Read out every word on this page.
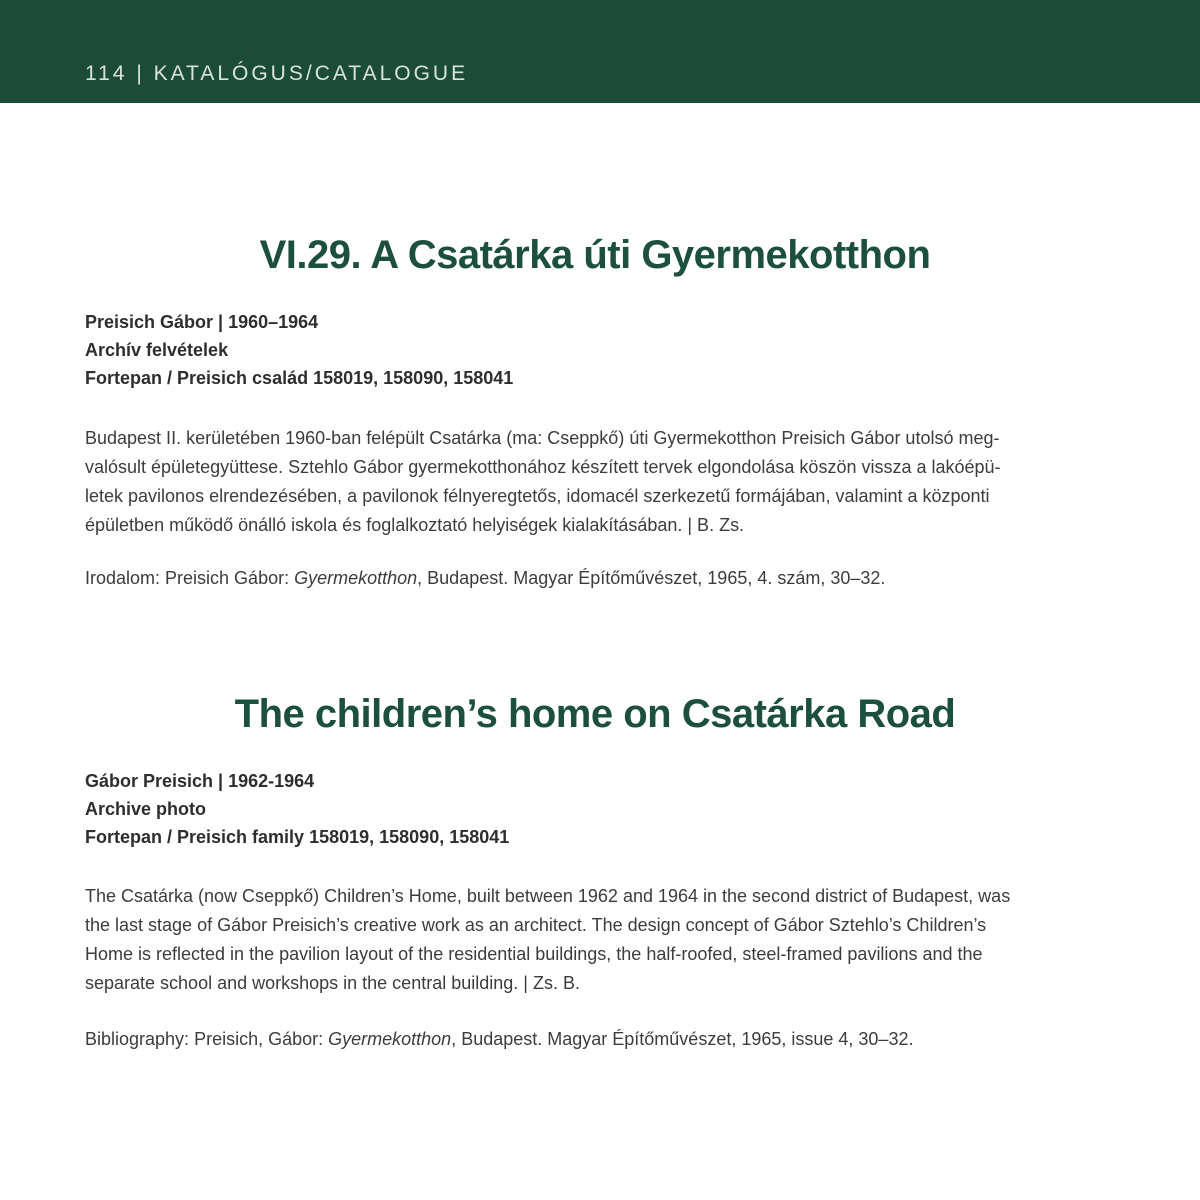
114 | KATALÓGUS/CATALOGUE
VI.29. A Csatárka úti Gyermekotthon
Preisich Gábor | 1960–1964
Archív felvételek
Fortepan / Preisich család 158019, 158090, 158041
Budapest II. kerületében 1960-ban felépült Csatárka (ma: Cseppkő) úti Gyermekotthon Preisich Gábor utolsó meg-
valósult épületegyüttese. Sztehlo Gábor gyermekotthonához készített tervek elgondolása köszön vissza a lakóépü-
letek pavilonos elrendezésében, a pavilonok félnyeregtetős, idomacél szerkezetű formájában, valamint a központi
épületben működő önálló iskola és foglalkoztató helyiségek kialakításában. | B. Zs.
Irodalom: Preisich Gábor: Gyermekotthon, Budapest. Magyar Építőművészet, 1965, 4. szám, 30–32.
The children’s home on Csatárka Road
Gábor Preisich | 1962-1964
Archive photo
Fortepan / Preisich family 158019, 158090, 158041
The Csatárka (now Cseppkő) Children’s Home, built between 1962 and 1964 in the second district of Budapest, was
the last stage of Gábor Preisich’s creative work as an architect. The design concept of Gábor Sztehlo’s Children’s
Home is reflected in the pavilion layout of the residential buildings, the half-roofed, steel-framed pavilions and the
separate school and workshops in the central building. | Zs. B.
Bibliography: Preisich, Gábor: Gyermekotthon, Budapest. Magyar Építőművészet, 1965, issue 4, 30–32.
